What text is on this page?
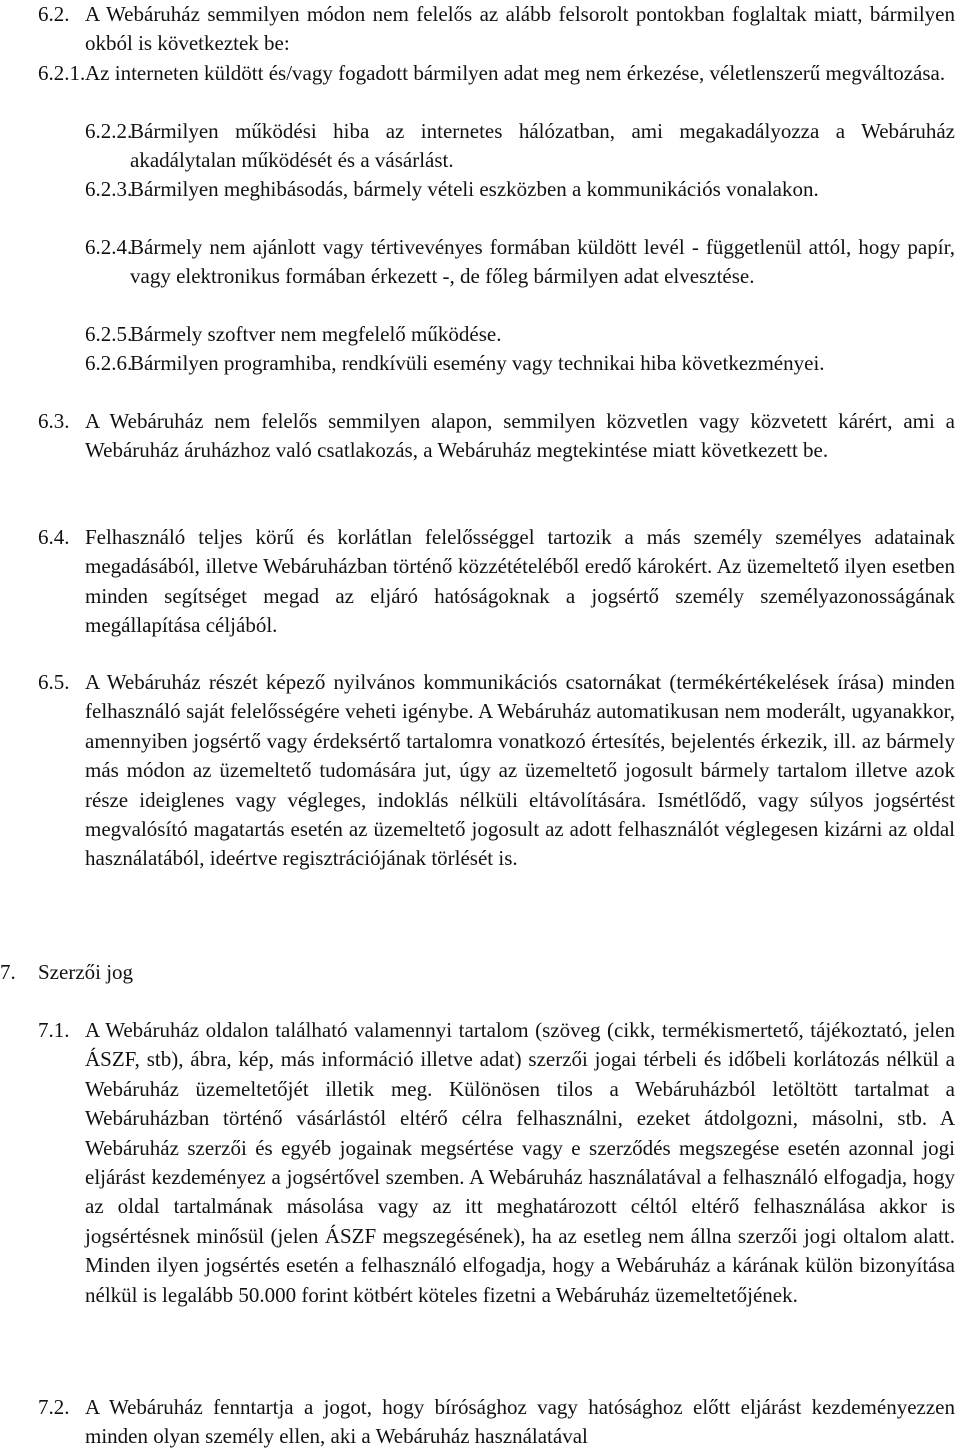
6.2. A Webáruház semmilyen módon nem felelős az alább felsorolt pontokban foglaltak miatt, bármilyen okból is következtek be:
6.2.1. Az interneten küldött és/vagy fogadott bármilyen adat meg nem érkezése, véletlenszerű megváltozása.
6.2.2.
Bármilyen működési hiba az internetes hálózatban, ami megakadályozza a Webáruház akadálytalan működését és a vásárlást.
6.2.3.
Bármilyen meghibásodás, bármely vételi eszközben a kommunikációs vonalakon.
6.2.4.
Bármely nem ajánlott vagy tértivevényes formában küldött levél - függetlenül attól, hogy papír, vagy elektronikus formában érkezett -, de főleg bármilyen adat elvesztése.
6.2.5.
Bármely szoftver nem megfelelő működése.
6.2.6.
Bármilyen programhiba, rendkívüli esemény vagy technikai hiba következményei.
6.3. A Webáruház nem felelős semmilyen alapon, semmilyen közvetlen vagy közvetett kárért, ami a Webáruház áruházhoz való csatlakozás, a Webáruház megtekintése miatt következett be.
6.4. Felhasználó teljes körű és korlátlan felelősséggel tartozik a más személy személyes adatainak megadásából, illetve Webáruházban történő közzétételéből eredő károkért. Az üzemeltető ilyen esetben minden segítséget megad az eljáró hatóságoknak a jogsértő személy személyazonosságának megállapítása céljából.
6.5. A Webáruház részét képező nyilvános kommunikációs csatornákat (termékértékelések írása) minden felhasználó saját felelősségére veheti igénybe. A Webáruház automatikusan nem moderált, ugyanakkor, amennyiben jogsértő vagy érdeksértő tartalomra vonatkozó értesítés, bejelentés érkezik, ill. az bármely más módon az üzemeltető tudomására jut, úgy az üzemeltető jogosult bármely tartalom illetve azok része ideiglenes vagy végleges, indoklás nélküli eltávolítására. Ismétlődő, vagy súlyos jogsértést megvalósító magatartás esetén az üzemeltető jogosult az adott felhasználót véglegesen kizárni az oldal használatából, ideértve regisztrációjának törlését is.
7.	Szerzői jog
7.1. A Webáruház oldalon található valamennyi tartalom (szöveg (cikk, termékismertető, tájékoztató, jelen ÁSZF, stb), ábra, kép, más információ illetve adat) szerzői jogai térbeli és időbeli korlátozás nélkül a Webáruház üzemeltetőjét illetik meg. Különösen tilos a Webáruházból letöltött tartalmat a Webáruházban történő vásárlástól eltérő célra felhasználni, ezeket átdolgozni, másolni, stb. A Webáruház szerzői és egyéb jogainak megsértése vagy e szerződés megszegése esetén azonnal jogi eljárást kezdeményez a jogsértővel szemben. A Webáruház használatával a felhasználó elfogadja, hogy az oldal tartalmának másolása vagy az itt meghatározott céltól eltérő felhasználása akkor is jogsértésnek minősül (jelen ÁSZF megszegésének), ha az esetleg nem állna szerzői jogi oltalom alatt. Minden ilyen jogsértés esetén a felhasználó elfogadja, hogy a Webáruház a kárának külön bizonyítása nélkül is legalább 50.000 forint kötbért köteles fizetni a Webáruház üzemeltetőjének.
7.2. A Webáruház fenntartja a jogot, hogy bírósághoz vagy hatósághoz előtt eljárást kezdeményezzen minden olyan személy ellen, aki a Webáruház használatával
